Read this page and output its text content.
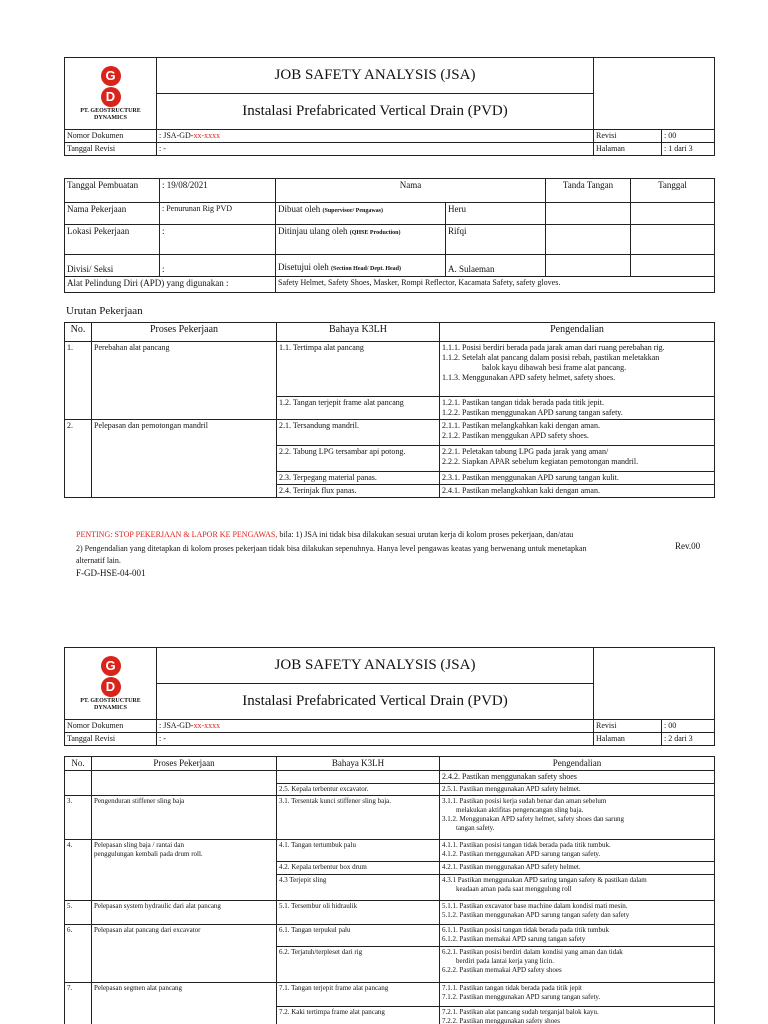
G
D
PT. GEOSTRUCTURE DYNAMICS	JOB SAFETY ANALYSIS (JSA)		
	Instalasi Prefabricated Vertical Drain (PVD)		
Nomor Dokumen	: JSA-GD-xx-xxxx	Revisi	: 00
Tanggal Revisi	: -	Halaman	: 1 dari 3
Tanggal Pembuatan	: 19/08/2021	Nama		Tanda Tangan	Tanggal
Nama Pekerjaan	: Penurunan Rig PVD	Dibuat oleh (Supervisor/ Pengawas)	Heru		
Lokasi Pekerjaan	:	Ditinjau ulang oleh (QHSE Production)	Rifqi		
Divisi/ Seksi	:	Disetujui oleh (Section Head/ Dept. Head)	A. Sulaeman		
Alat Pelindung Diri (APD) yang digunakan :		Safety Helmet, Safety Shoes, Masker, Rompi Reflector, Kacamata Safety, safety gloves.			
Urutan Pekerjaan
No.	Proses Pekerjaan	Bahaya K3LH	Pengendalian
1.	Perebahan alat pancang	1.1. Tertimpa alat pancang	1.1.1. Posisi berdiri berada pada jarak aman dari ruang perebahan rig.
1.1.2. Setelah alat pancang dalam posisi rebah, pastikan meletakkan
balok kayu dibawah besi frame alat pancang.
1.1.3. Menggunakan APD safety helmet, safety shoes.

		1.2. Tangan terjepit frame alat pancang	1.2.1. Pastikan tangan tidak berada pada titik jepit.
1.2.2. Pastikan menggunakan APD sarung tangan safety.

2.	Pelepasan dan pemotongan mandril	2.1. Tersandung mandril.	2.1.1. Pastikan melangkahkan kaki dengan aman.
2.1.2. Pastikan menggukan APD safety shoes.

		2.2. Tabung LPG tersambar api potong.	2.2.1. Peletakan tabung LPG pada jarak yang aman/
2.2.2. Siapkan APAR sebelum kegiatan pemotongan mandril.

		2.3. Terpegang material panas.	2.3.1. Pastikan menggunakan APD sarung tangan kulit.
		2.4. Terinjak flux panas.	2.4.1. Pastikan melangkahkan kaki dengan aman.
PENTING: STOP PEKERJAAN & LAPOR KE PENGAWAS, bila: 1) JSA ini tidak bisa dilakukan sesuai urutan kerja di kolom proses pekerjaan, dan/atau
2) Pengendalian yang ditetapkan di kolom proses pekerjaan tidak bisa dilakukan sepenuhnya. Hanya level pengawas keatas yang berwenang untuk menetapkan
alternatif lain.
Rev.00
F-GD-HSE-04-001
G
D
PT. GEOSTRUCTURE DYNAMICS	JOB SAFETY ANALYSIS (JSA)		
	Instalasi Prefabricated Vertical Drain (PVD)		
Nomor Dokumen	: JSA-GD-xx-xxxx	Revisi	: 00
Tanggal Revisi	: -	Halaman	: 2 dari 3
No.	Proses Pekerjaan	Bahaya K3LH	Pengendalian
			2.4.2. Pastikan menggunakan safety shoes
		2.5. Kepala terbentur excavator.	2.5.1. Pastikan menggunakan APD safety helmet.
3.	Pengenduran stiffener sling baja	3.1. Tersentak kunci stiffener sling baja.	3.1.1. Pastikan posisi kerja sudah benar dan aman sebelum
melakukan aktifitas pengencangan sling baja.
3.1.2. Menggunakan APD safety helmet, safety shoes dan sarung
tangan safety.

4.	Pelepasan sling baja / rantai dan
penggulungan kembali pada drum roll.	4.1. Tangan tertumbuk palu	4.1.1. Pastikan posisi tangan tidak berada pada titik tumbuk.
4.1.2. Pastikan menggunakan APD sarung tangan safety.

		4.2. Kepala terbentur box drum	4.2.1. Pastikan menggunakan APD safety helmet.
		4.3 Terjepit sling	4.3.1 Pastikan menggunakan APD saring tangan safety & pastikan dalam
keadaan aman pada saat menggulung roll

5.	Pelepasan system hydraulic dari alat pancang	5.1. Tersembur oli hidraulik	5.1.1. Pastikan excavator base machine dalam kondisi mati mesin.
5.1.2. Pastikan menggunakan APD sarung tangan safety dan safety

6.	Pelepasan alat pancang dari excavator	6.1. Tangan terpukul palu	6.1.1. Pastikan posisi tangan tidak berada pada titik tumbuk
6.1.2. Pastikan memakai APD sarung tangan safety

		6.2. Terjatuh/terpleset dari rig	6.2.1. Pastikan posisi berdiri dalam kondisi yang aman dan tidak
berdiri pada lantai kerja yang licin.
6.2.2. Pastikan memakai APD safety shoes

7.	Pelepasan segmen alat pancang	7.1. Tangan terjepit frame alat pancang	7.1.1. Pastikan tangan tidak berada pada titik jepit
7.1.2. Pastikan menggunakan APD sarung tangan safety.

		7.2. Kaki tertimpa frame alat pancang	7.2.1. Pastikan alat pancang sudah terganjal balok kayu.
7.2.2. Pastikan menggunakan safety shoes
